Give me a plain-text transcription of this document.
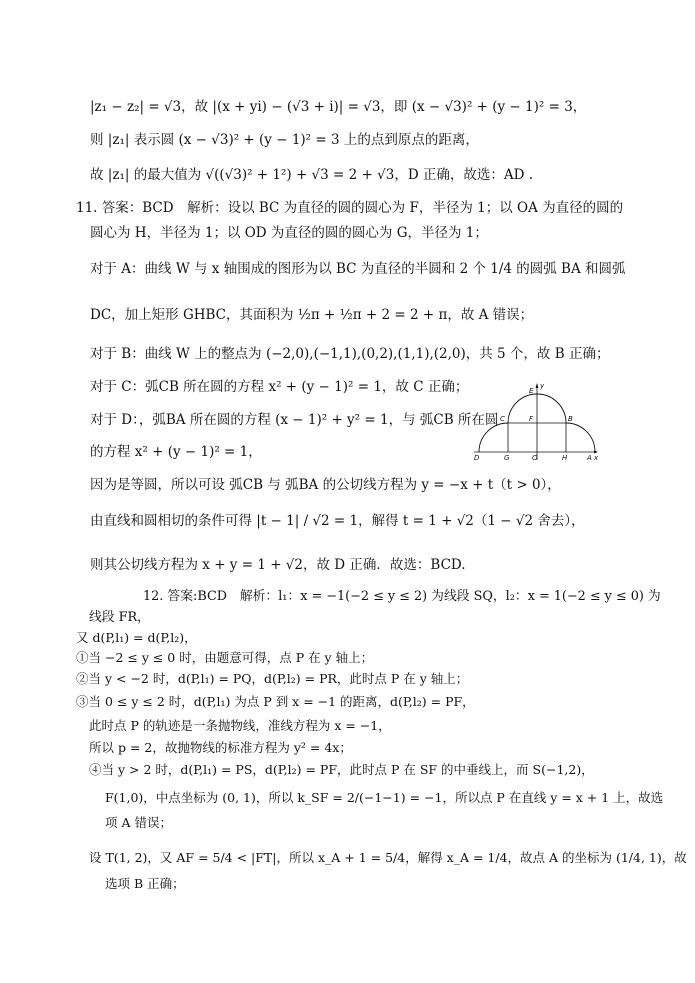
|z₁ − z₂| = √3，故 |(x + yi) − (√3 + i)| = √3，即 (x − √3)² + (y − 1)² = 3，
则 |z₁| 表示圆 (x − √3)² + (y − 1)² = 3 上的点到原点的距离，
故 |z₁| 的最大值为 √((√3)² + 1²) + √3 = 2 + √3，D 正确，故选：AD .
11. 答案：BCD　解析：设以 BC 为直径的圆的圆心为 F，半径为 1；以 OA 为直径的圆的
圆心为 H，半径为 1；以 OD 为直径的圆的圆心为 G，半径为 1；
对于 A：曲线 W 与 x 轴围成的图形为以 BC 为直径的半圆和 2 个 1/4 的圆弧 BA 和圆弧
DC，加上矩形 GHBC，其面积为 ½π + ½π + 2 = 2 + π，故 A 错误；
对于 B：曲线 W 上的整点为 (−2,0),(−1,1),(0,2),(1,1),(2,0)，共 5 个，故 B 正确；
对于 C：弧CB 所在圆的方程 x² + (y − 1)² = 1，故 C 正确；
对于 D：，弧BA 所在圆的方程 (x − 1)² + y² = 1，与 弧CB 所在圆
的方程 x² + (y − 1)² = 1，
因为是等圆，所以可设 弧CB 与 弧BA 的公切线方程为 y = −x + t（t > 0），
由直线和圆相切的条件可得 |t − 1| / √2 = 1，解得 t = 1 + √2（1 − √2 舍去），
则其公切线方程为 x + y = 1 + √2，故 D 正确．故选：BCD.
12. 答案:BCD　解析：l₁：x = −1(−2 ≤ y ≤ 2) 为线段 SQ，l₂：x = 1(−2 ≤ y ≤ 0) 为
线段 FR，
又 d(P,l₁) = d(P,l₂)，
①当 −2 ≤ y ≤ 0 时，由题意可得，点 P 在 y 轴上；
②当 y < −2 时，d(P,l₁) = PQ，d(P,l₂) = PR，此时点 P 在 y 轴上；
③当 0 ≤ y ≤ 2 时，d(P,l₁) 为点 P 到 x = −1 的距离，d(P,l₂) = PF，
此时点 P 的轨迹是一条抛物线，准线方程为 x = −1，
所以 p = 2，故抛物线的标准方程为 y² = 4x；
④当 y > 2 时，d(P,l₁) = PS，d(P,l₂) = PF，此时点 P 在 SF 的中垂线上，而 S(−1,2)，
F(1,0)，中点坐标为 (0, 1)，所以 k_SF = 2/(−1−1) = −1，所以点 P 在直线 y = x + 1 上，故选
项 A 错误；
设 T(1, 2)，又 AF = 5/4 < |FT|，所以 x_A + 1 = 5/4，解得 x_A = 1/4，故点 A 的坐标为 (1/4, 1)，故
选项 B 正确；
E
y
C	F	B
D	G	O	H	A x
